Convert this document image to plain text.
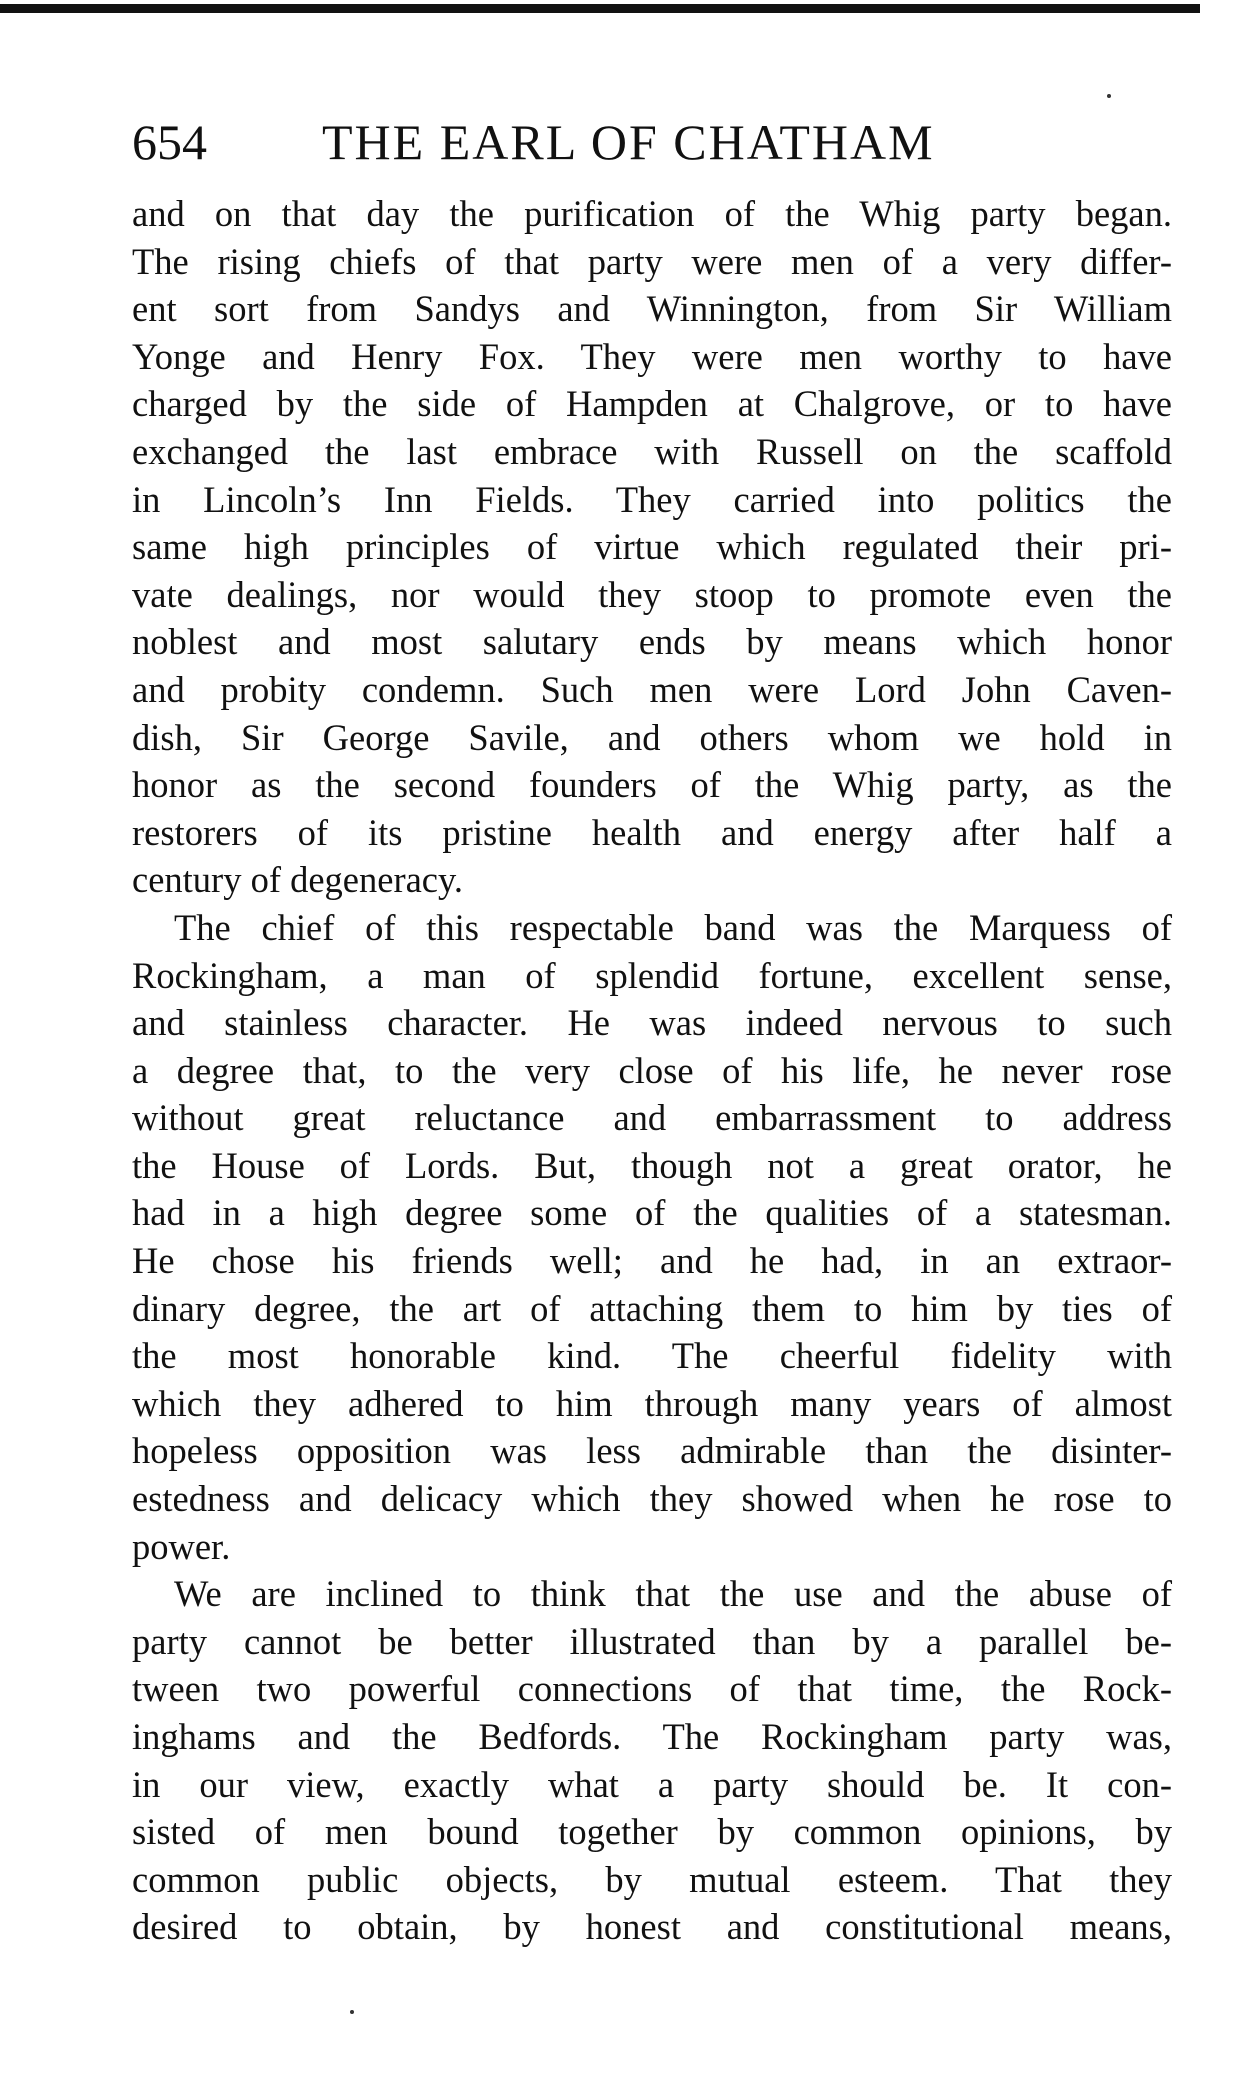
654 THE EARL OF CHATHAM
and on that day the purification of the Whig party began.
The rising chiefs of that party were men of a very differ-
ent sort from Sandys and Winnington, from Sir William
Yonge and Henry Fox. They were men worthy to have
charged by the side of Hampden at Chalgrove, or to have
exchanged the last embrace with Russell on the scaffold
in Lincoln’s Inn Fields. They carried into politics the
same high principles of virtue which regulated their pri-
vate dealings, nor would they stoop to promote even the
noblest and most salutary ends by means which honor
and probity condemn. Such men were Lord John Caven-
dish, Sir George Savile, and others whom we hold in
honor as the second founders of the Whig party, as the
restorers of its pristine health and energy after half a
century of degeneracy.
The chief of this respectable band was the Marquess of
Rockingham, a man of splendid fortune, excellent sense,
and stainless character. He was indeed nervous to such
a degree that, to the very close of his life, he never rose
without great reluctance and embarrassment to address
the House of Lords. But, though not a great orator, he
had in a high degree some of the qualities of a statesman.
He chose his friends well; and he had, in an extraor-
dinary degree, the art of attaching them to him by ties of
the most honorable kind. The cheerful fidelity with
which they adhered to him through many years of almost
hopeless opposition was less admirable than the disinter-
estedness and delicacy which they showed when he rose to
power.
We are inclined to think that the use and the abuse of
party cannot be better illustrated than by a parallel be-
tween two powerful connections of that time, the Rock-
inghams and the Bedfords. The Rockingham party was,
in our view, exactly what a party should be. It con-
sisted of men bound together by common opinions, by
common public objects, by mutual esteem. That they
desired to obtain, by honest and constitutional means,
